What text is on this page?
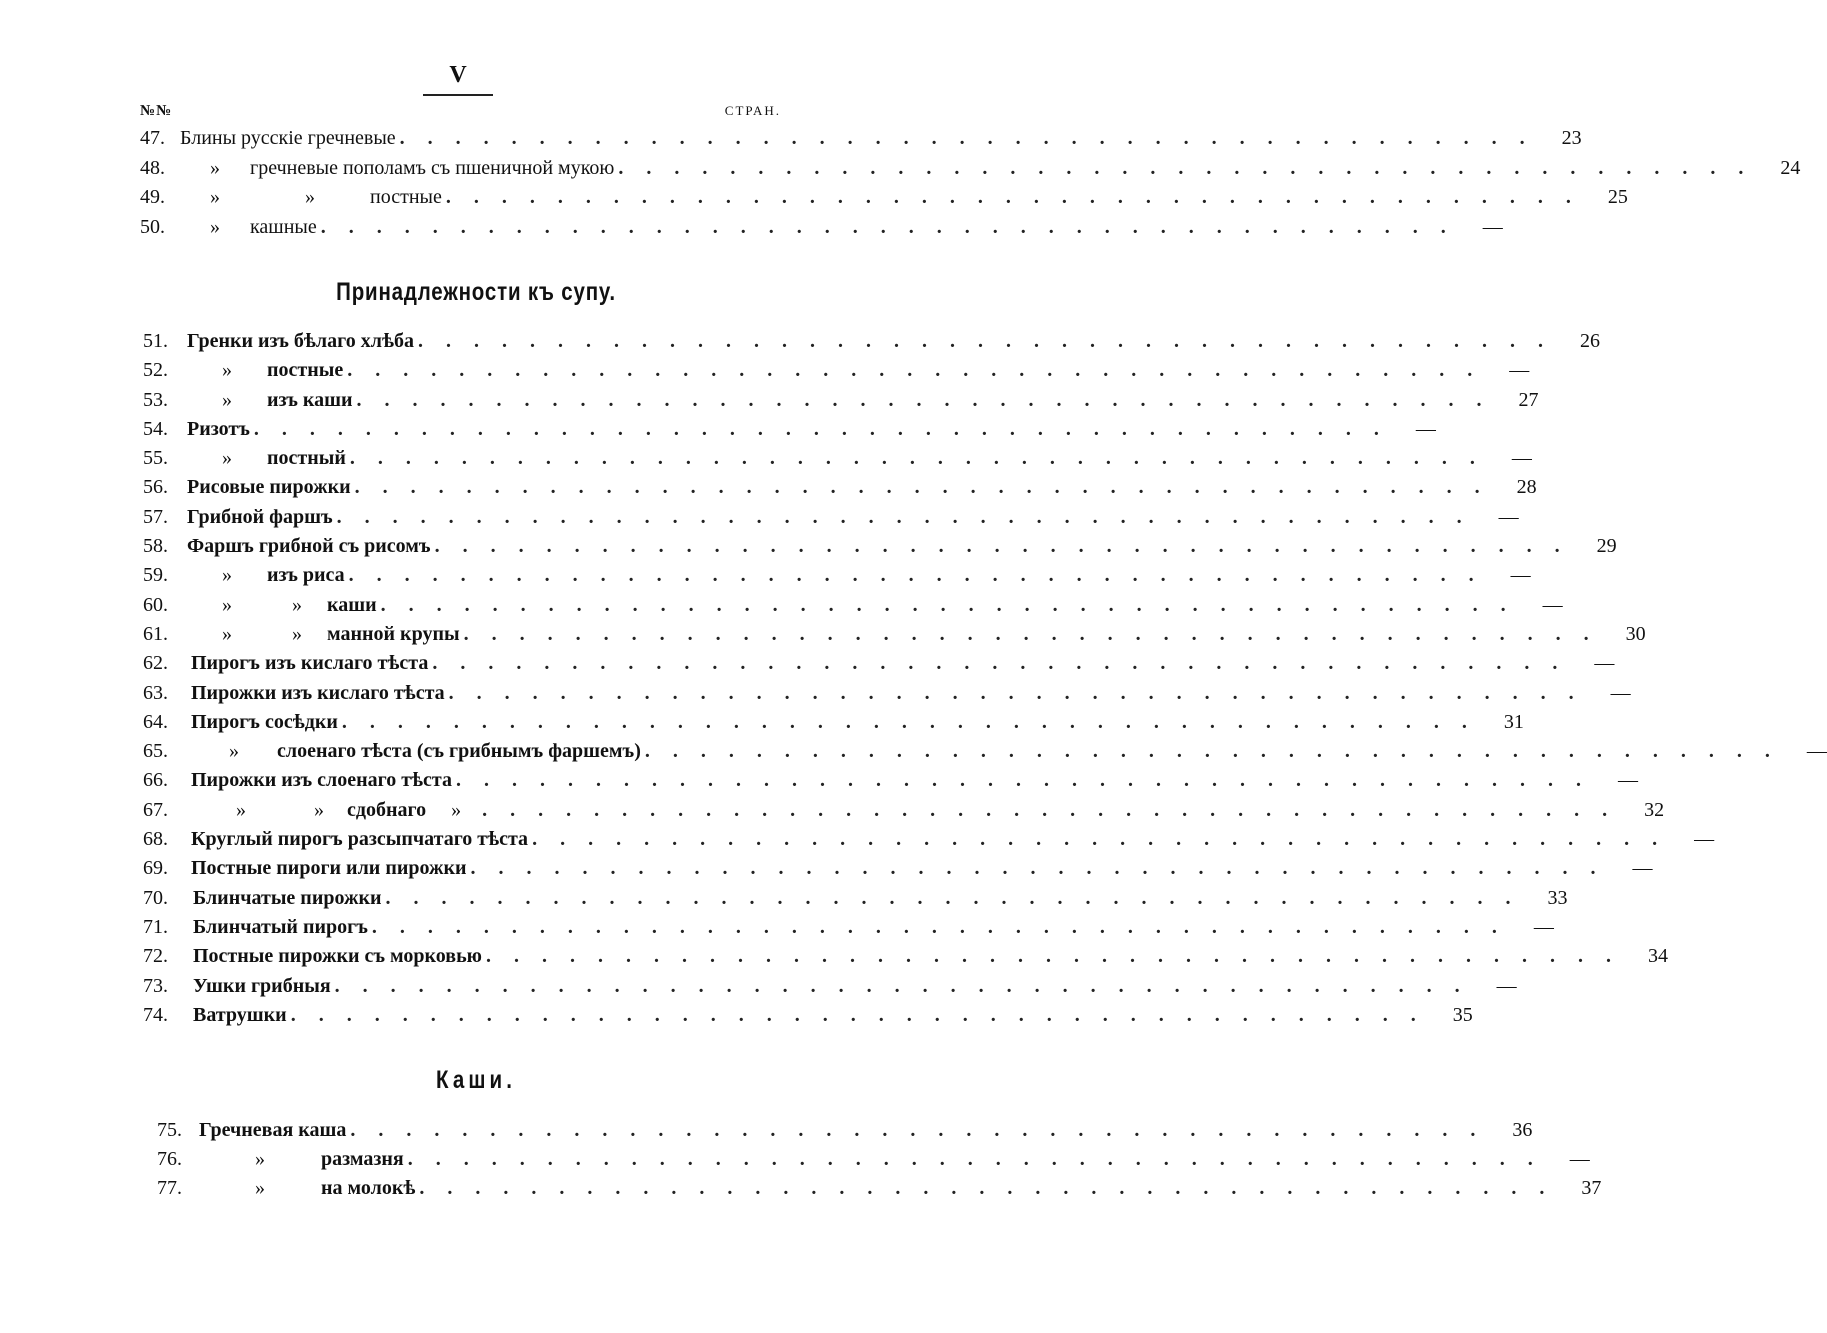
V
№№	СТРАН.
47. Блины русскіе гречневые . . . . . . . . . . . . . . . . . . . . . . . . . . . . . . . . . . . . . . . . .	23
48.	»	гречневые пополамъ съ пшеничной мукою . . . . . . . . . . . . . . . . . . . . . . . . . . . . . . . . . . . . . . . . .	24
49.	»	»	постные . . . . . . . . . . . . . . . . . . . . . . . . . . . . . . . . . . . . . . . . .	25
50.	»	кашные . . . . . . . . . . . . . . . . . . . . . . . . . . . . . . . . . . . . . . . . .	—
Принадлежности къ супу.
51. Гренки изъ бѣлаго хлѣба . . . . . . . . . . . . . . . . . . . . . . . . . . . . . . . . . . . . . . . . .	26
52.	»	постные . . . . . . . . . . . . . . . . . . . . . . . . . . . . . . . . . . . . . . . . .	—
53.	»	изъ каши . . . . . . . . . . . . . . . . . . . . . . . . . . . . . . . . . . . . . . . . .	27
54. Ризотъ . . . . . . . . . . . . . . . . . . . . . . . . . . . . . . . . . . . . . . . . .	—
55.	»	постный . . . . . . . . . . . . . . . . . . . . . . . . . . . . . . . . . . . . . . . . .	—
56. Рисовые пирожки . . . . . . . . . . . . . . . . . . . . . . . . . . . . . . . . . . . . . . . . .	28
57. Грибной фаршъ . . . . . . . . . . . . . . . . . . . . . . . . . . . . . . . . . . . . . . . . .	—
58. Фаршъ грибной съ рисомъ . . . . . . . . . . . . . . . . . . . . . . . . . . . . . . . . . . . . . . . . .	29
59.	»	изъ риса . . . . . . . . . . . . . . . . . . . . . . . . . . . . . . . . . . . . . . . . .	—
60.	»	»	каши . . . . . . . . . . . . . . . . . . . . . . . . . . . . . . . . . . . . . . . . .	—
61.	»	»	манной крупы . . . . . . . . . . . . . . . . . . . . . . . . . . . . . . . . . . . . . . . . .	30
62.	Пирогъ изъ кислаго тѣста . . . . . . . . . . . . . . . . . . . . . . . . . . . . . . . . . . . . . . . . .	—
63.	Пирожки изъ кислаго тѣста . . . . . . . . . . . . . . . . . . . . . . . . . . . . . . . . . . . . . . . . .	—
64.	Пирогъ сосѣдки . . . . . . . . . . . . . . . . . . . . . . . . . . . . . . . . . . . . . . . . .	31
65.	»	слоенаго тѣста (съ грибнымъ фаршемъ) . . . . . . . . . . . . . . . . . . . . . . . . . . . . . . . . . . . . . . . . .	—
66.	Пирожки изъ слоенаго тѣста . . . . . . . . . . . . . . . . . . . . . . . . . . . . . . . . . . . . . . . . .	—
67.	»	»	сдобнаго	»	. . . . . . . . . . . . . . . . . . . . . . . . . . . . . . . . . . . . . . . . .	32
68.	Круглый пирогъ разсыпчатаго тѣста . . . . . . . . . . . . . . . . . . . . . . . . . . . . . . . . . . . . . . . . .	—
69.	Постные пироги или пирожки . . . . . . . . . . . . . . . . . . . . . . . . . . . . . . . . . . . . . . . . .	—
70.	Блинчатые пирожки . . . . . . . . . . . . . . . . . . . . . . . . . . . . . . . . . . . . . . . . .	33
71.	Блинчатый пирогъ . . . . . . . . . . . . . . . . . . . . . . . . . . . . . . . . . . . . . . . . .	—
72.	Постные пирожки съ морковью . . . . . . . . . . . . . . . . . . . . . . . . . . . . . . . . . . . . . . . . .	34
73.	Ушки грибныя . . . . . . . . . . . . . . . . . . . . . . . . . . . . . . . . . . . . . . . . .	—
74.	Ватрушки . . . . . . . . . . . . . . . . . . . . . . . . . . . . . . . . . . . . . . . . .	35
Каши.
75. Гречневая каша . . . . . . . . . . . . . . . . . . . . . . . . . . . . . . . . . . . . . . . . .	36
76.	»	размазня . . . . . . . . . . . . . . . . . . . . . . . . . . . . . . . . . . . . . . . . .	—
77.	»	на молокѣ . . . . . . . . . . . . . . . . . . . . . . . . . . . . . . . . . . . . . . . . .	37
